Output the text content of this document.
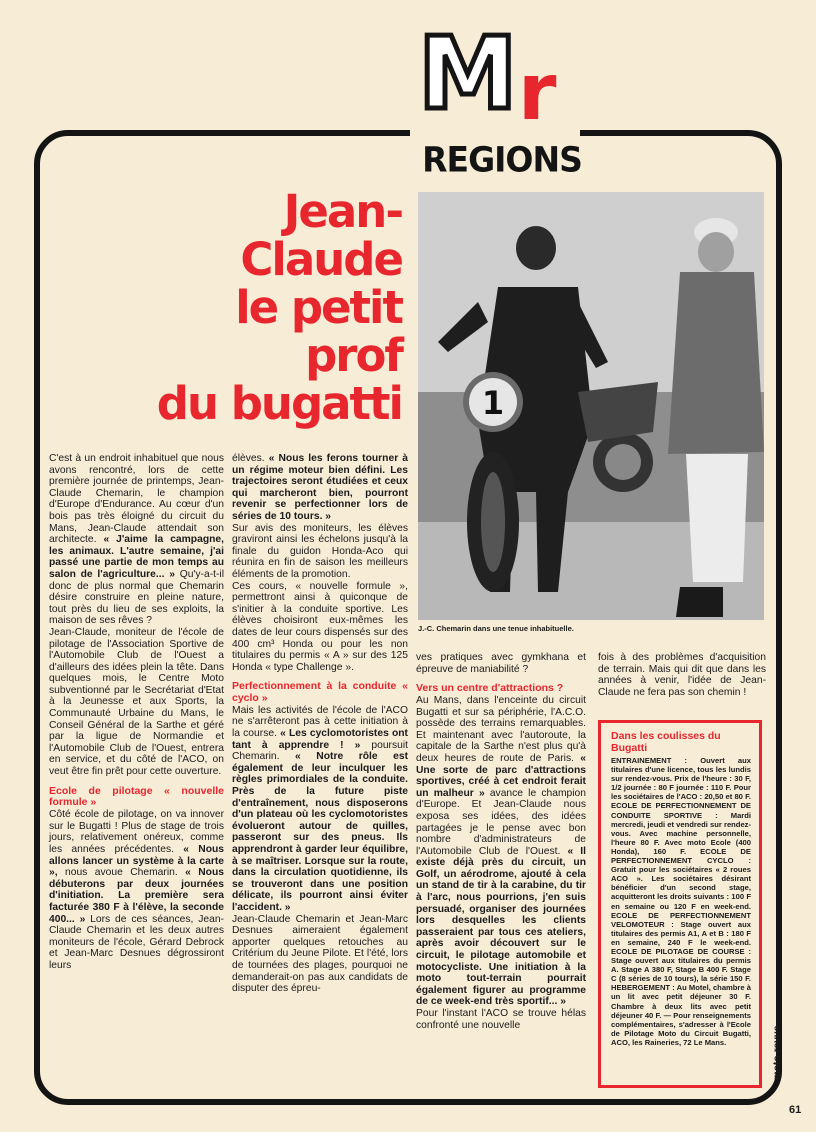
M r
REGIONS
Jean-
Claude
le petit
prof
du bugatti 1
J.-C. Chemarin dans une tenue inhabituelle.

C'est à un endroit inhabituel que nous avons rencontré, lors de cette première journée de printemps, Jean-Claude Chemarin, le champion d'Europe d'Endurance. Au cœur d'un bois pas très éloigné du circuit du Mans, Jean-Claude attendait son architecte. « J'aime la campagne, les animaux. L'autre semaine, j'ai passé une partie de mon temps au salon de l'agriculture... » Qu'y-a-t-il donc de plus normal que Chemarin désire construire en pleine nature, tout près du lieu de ses exploits, la maison de ses rêves ?

Jean-Claude, moniteur de l'école de pilotage de l'Association Sportive de l'Automobile Club de l'Ouest a d'ailleurs des idées plein la tête. Dans quelques mois, le Centre Moto subventionné par le Secrétariat d'Etat à la Jeunesse et aux Sports, la Communauté Urbaine du Mans, le Conseil Général de la Sarthe et géré par la ligue de Normandie et l'Automobile Club de l'Ouest, entrera en service, et du côté de l'ACO, on veut être fin prêt pour cette ouverture.

Ecole de pilotage « nouvelle formule »

Côté école de pilotage, on va innover sur le Bugatti ! Plus de stage de trois jours, relativement onéreux, comme les années précédentes. « Nous allons lancer un système à la carte », nous avoue Chemarin. « Nous débuterons par deux journées d'initiation. La première sera facturée 380 F à l'élève, la seconde 400... » Lors de ces séances, Jean-Claude Chemarin et les deux autres moniteurs de l'école, Gérard Debrock et Jean-Marc Desnues dégrossiront leurs

élèves. « Nous les ferons tourner à un régime moteur bien défini. Les trajectoires seront étudiées et ceux qui marcheront bien, pourront revenir se perfectionner lors de séries de 10 tours. »

Sur avis des moniteurs, les élèves graviront ainsi les échelons jusqu'à la finale du guidon Honda-Aco qui réunira en fin de saison les meilleurs éléments de la promotion.

Ces cours, « nouvelle formule », permettront ainsi à quiconque de s'initier à la conduite sportive. Les élèves choisiront eux-mêmes les dates de leur cours dispensés sur des 400 cm³ Honda ou pour les non titulaires du permis « A » sur des 125 Honda « type Challenge ».

Perfectionnement à la conduite « cyclo »

Mais les activités de l'école de l'ACO ne s'arrêteront pas à cette initiation à la course. « Les cyclomotoristes ont tant à apprendre ! » poursuit Chemarin. « Notre rôle est également de leur inculquer les règles primordiales de la conduite. Près de la future piste d'entraînement, nous disposerons d'un plateau où les cyclomotoristes évolueront autour de quilles, passeront sur des pneus. Ils apprendront à garder leur équilibre, à se maîtriser. Lorsque sur la route, dans la circulation quotidienne, ils se trouveront dans une position délicate, ils pourront ainsi éviter l'accident. »

Jean-Claude Chemarin et Jean-Marc Desnues aimeraient également apporter quelques retouches au Critérium du Jeune Pilote. Et l'été, lors de tournées des plages, pourquoi ne demanderait-on pas aux candidats de disputer des épreu-

ves pratiques avec gymkhana et épreuve de maniabilité ?

Vers un centre d'attractions ?

Au Mans, dans l'enceinte du circuit Bugatti et sur sa périphérie, l'A.C.O. possède des terrains remarquables. Et maintenant avec l'autoroute, la capitale de la Sarthe n'est plus qu'à deux heures de route de Paris. « Une sorte de parc d'attractions sportives, créé à cet endroit ferait un malheur » avance le champion d'Europe. Et Jean-Claude nous exposa ses idées, des idées partagées je le pense avec bon nombre d'administrateurs de l'Automobile Club de l'Ouest. « Il existe déjà près du circuit, un Golf, un aérodrome, ajouté à cela un stand de tir à la carabine, du tir à l'arc, nous pourrions, j'en suis persuadé, organiser des journées lors desquelles les clients passeraient par tous ces ateliers, après avoir découvert sur le circuit, le pilotage automobile et motocycliste. Une initiation à la moto tout-terrain pourrait également figurer au programme de ce week-end très sportif... »

Pour l'instant l'ACO se trouve hélas confronté une nouvelle

fois à des problèmes d'acquisition de terrain. Mais qui dit que dans les années à venir, l'idée de Jean-Claude ne fera pas son chemin !

Dans les coulisses du Bugatti

ENTRAINEMENT : Ouvert aux titulaires d'une licence, tous les lundis sur rendez-vous. Prix de l'heure : 30 F, 1/2 journée : 80 F journée : 110 F. Pour les sociétaires de l'ACO : 20,50 et 80 F. ECOLE DE PERFECTIONNEMENT DE CONDUITE SPORTIVE : Mardi mercredi, jeudi et vendredi sur rendez-vous. Avec machine personnelle, l'heure 80 F. Avec moto Ecole (400 Honda), 160 F. ECOLE DE PERFECTIONNEMENT CYCLO : Gratuit pour les sociétaires « 2 roues ACO ». Les sociétaires désirant bénéficier d'un second stage, acquitteront les droits suivants : 100 F en semaine ou 120 F en week-end. ECOLE DE PERFECTIONNEMENT VELOMOTEUR : Stage ouvert aux titulaires des permis A1, A et B : 180 F en semaine, 240 F le week-end. ECOLE DE PILOTAGE DE COURSE : Stage ouvert aux titulaires du permis A. Stage A 380 F, Stage B 400 F. Stage C (8 séries de 10 tours), la série 150 F. HEBERGEMENT : Au Motel, chambre à un lit avec petit déjeuner 30 F. Chambre à deux lits avec petit déjeuner 40 F. — Pour renseignements complémentaires, s'adresser à l'Ecole de Pilotage Moto du Circuit Bugatti, ACO, les Raineries, 72 Le Mans.	moto-revue
61
